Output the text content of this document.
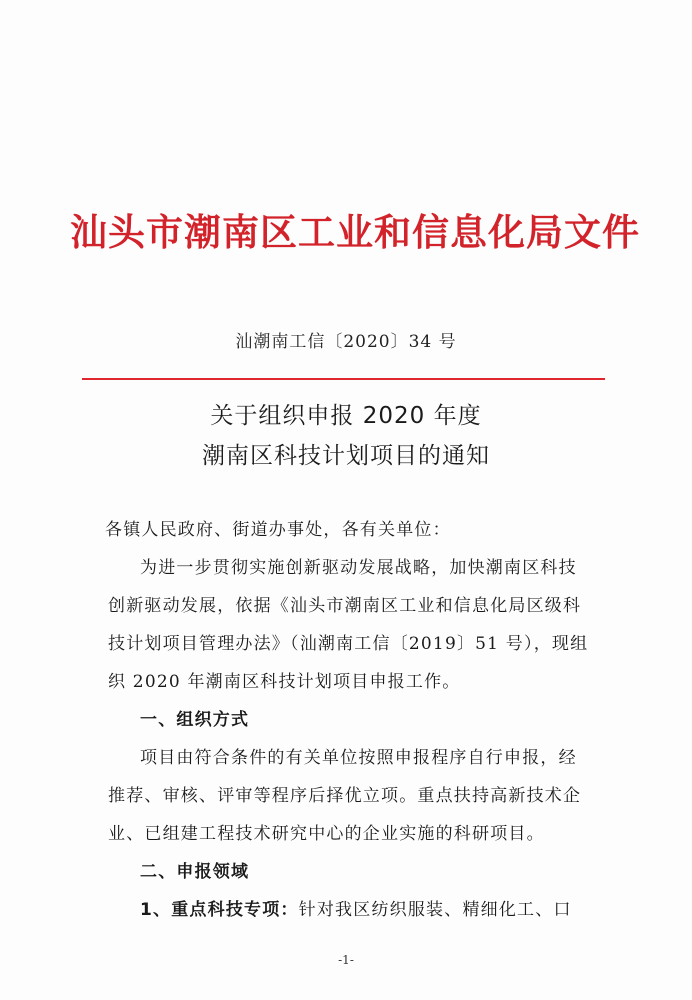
汕头市潮南区工业和信息化局文件
汕潮南工信〔2020〕34 号
关于组织申报 2020 年度
潮南区科技计划项目的通知
各镇人民政府、街道办事处，各有关单位：
为进一步贯彻实施创新驱动发展战略，加快潮南区科技
创新驱动发展，依据《汕头市潮南区工业和信息化局区级科
技计划项目管理办法》（汕潮南工信〔2019〕51 号），现组
织 2020 年潮南区科技计划项目申报工作。
一、组织方式
项目由符合条件的有关单位按照申报程序自行申报，经
推荐、审核、评审等程序后择优立项。重点扶持高新技术企
业、已组建工程技术研究中心的企业实施的科研项目。
二、申报领域
1、重点科技专项：针对我区纺织服装、精细化工、口
-1-
